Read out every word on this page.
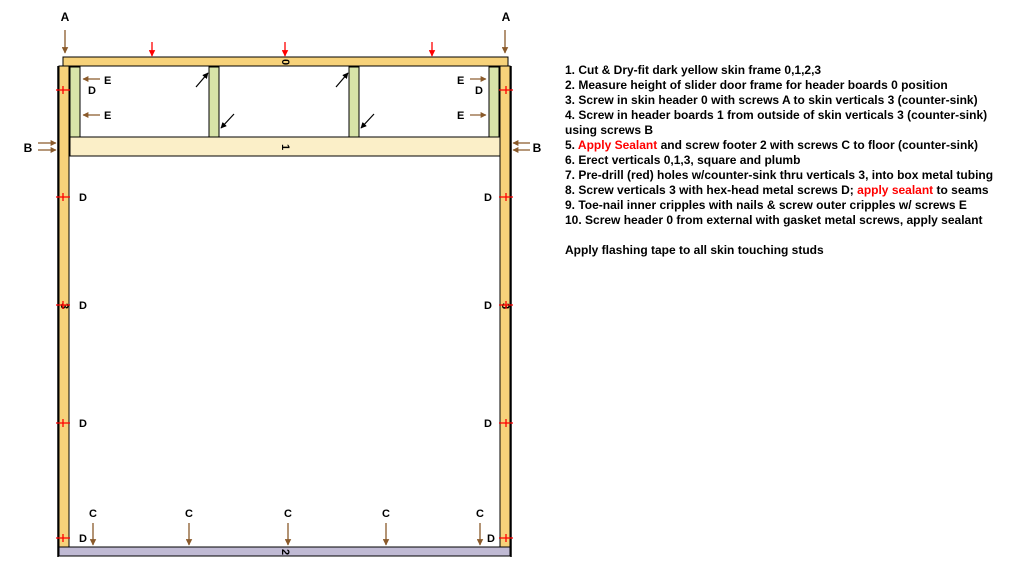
0
1
2
3	3
A	A
B	B
E
E
E
E
D
D
D
D
D
D
D
D
D
D
C	C	C	C	C
1. Cut & Dry-fit dark yellow skin frame 0,1,2,3
2. Measure height of slider door frame for header boards 0 position
3. Screw in skin header 0 with screws A to skin verticals 3 (counter-sink)
4. Screw in header boards 1 from outside of skin verticals 3 (counter-sink) using screws B
5. Apply Sealant and screw footer 2 with screws C to floor (counter-sink)
6. Erect verticals 0,1,3, square and plumb
7. Pre-drill (red) holes w/counter-sink thru verticals 3, into box metal tubing
8. Screw verticals 3 with hex-head metal screws D; apply sealant to seams
9. Toe-nail inner cripples with nails & screw outer cripples w/ screws E
10. Screw header 0 from external with gasket metal screws, apply sealant
Apply flashing tape to all skin touching studs
